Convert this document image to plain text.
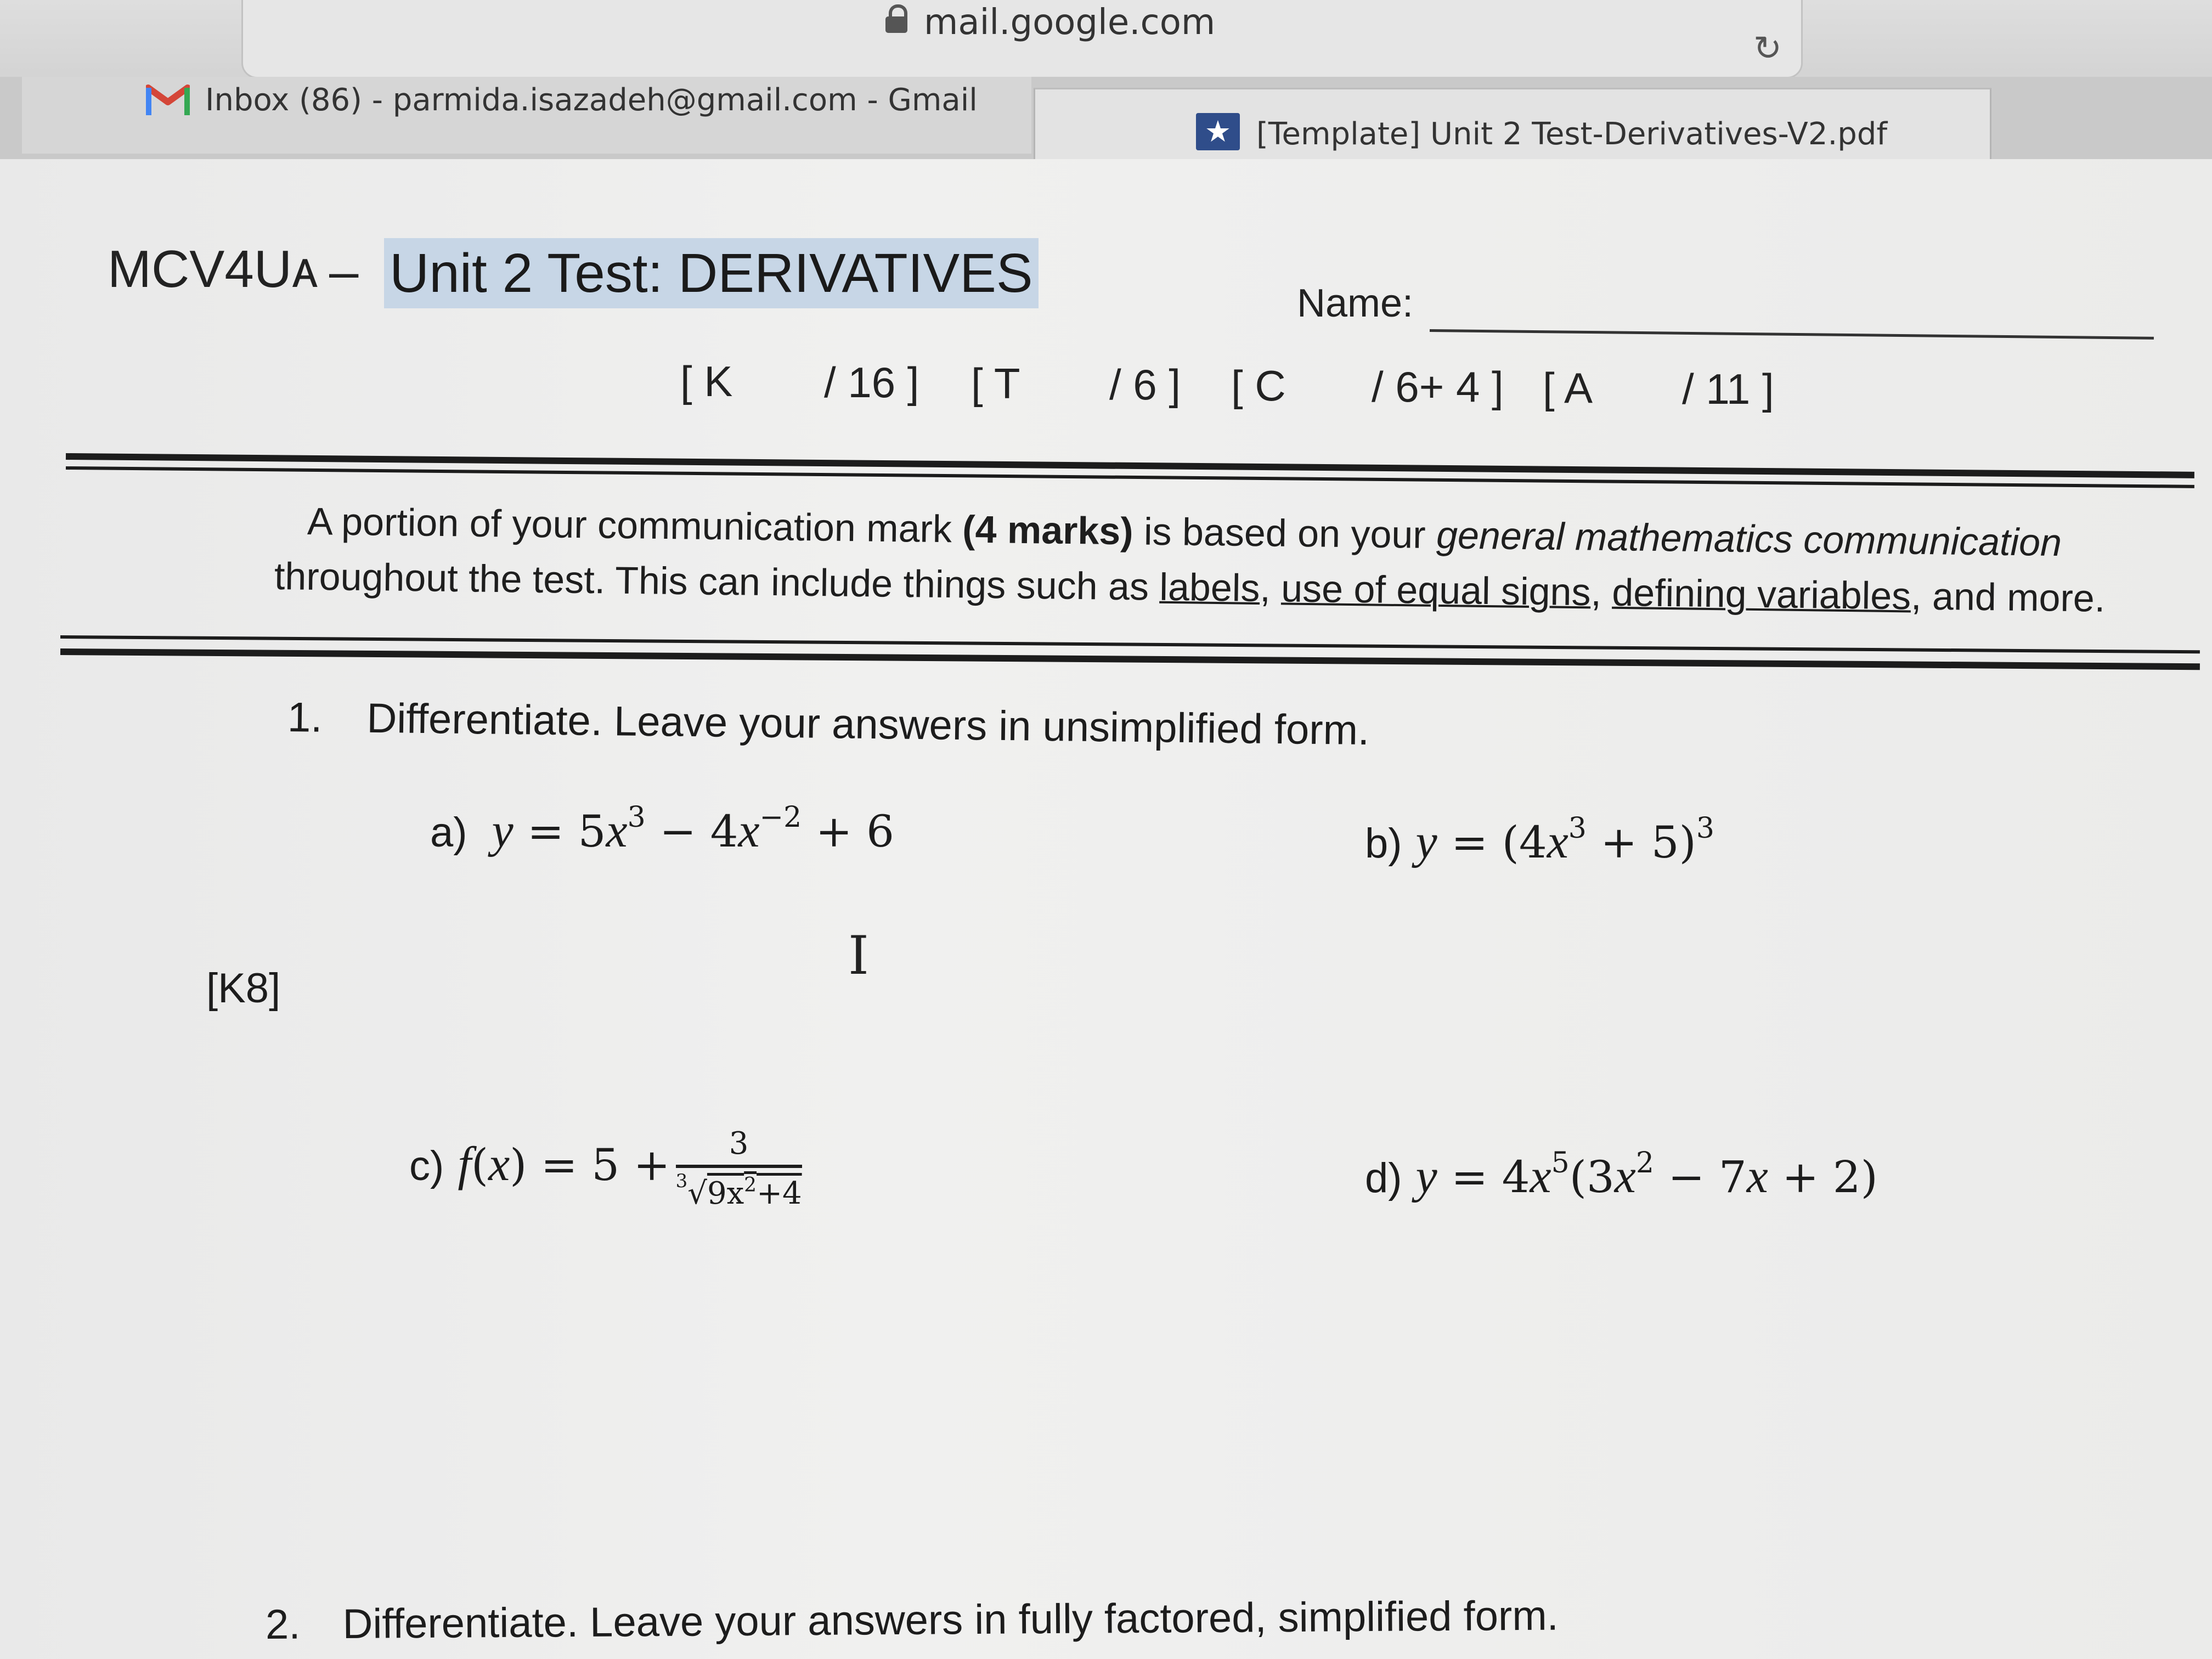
mail.google.com
↻
Inbox (86) - parmida.isazadeh@gmail.com - Gmail
★ [Template] Unit 2 Test-Derivatives-V2.pdf
MCV4Uᴀ – Unit 2 Test: DERIVATIVES	Name:
[ K / 16 ] [ T / 6 ] [ C / 6+ 4 ] [ A / 11 ]
A portion of your communication mark (4 marks) is based on your general mathematics communication
throughout the test. This can include things such as labels, use of equal signs, defining variables, and more.
1. Differentiate. Leave your answers in unsimplified form.
[K8]
a) $y = 5x^3 - 4x^{-2} + 6$	b) $y = (4x^3 + 5)^3$
c) $f(x) = 5 + \frac{3}{^3√9x^2+4}$	d) $y = 4x^5(3x^2 - 7x + 2)$
I
2. Differentiate. Leave your answers in fully factored, simplified form.
